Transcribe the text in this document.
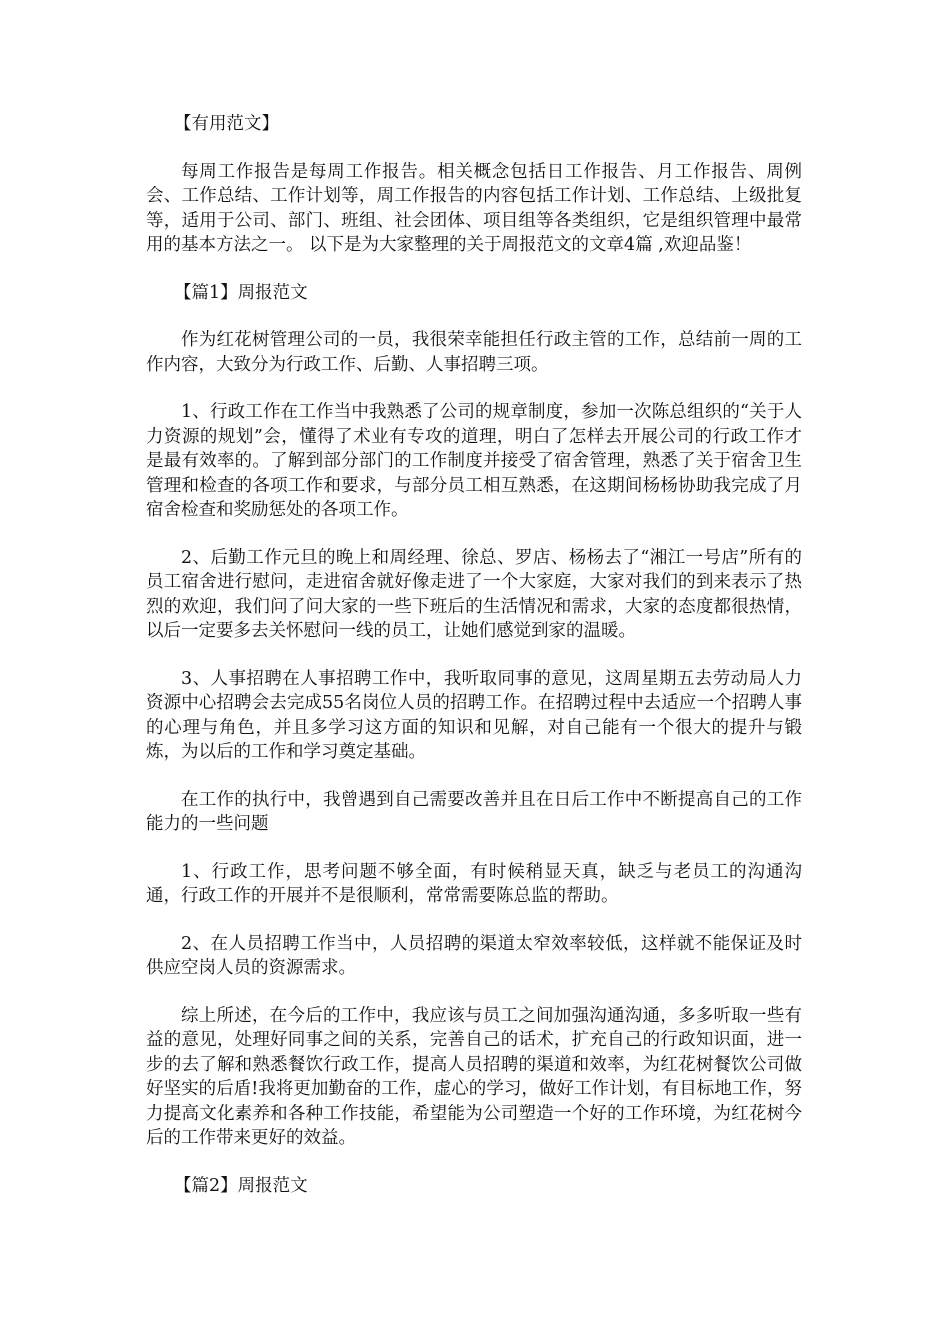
【有用范文】

每周工作报告是每周工作报告。相关概念包括日工作报告、月工作报告、周例会、工作总结、工作计划等，周工作报告的内容包括工作计划、工作总结、上级批复等，适用于公司、部门、班组、社会团体、项目组等各类组织，它是组织管理中最常用的基本方法之一。 以下是为大家整理的关于周报范文的文章4篇 ,欢迎品鉴！

【篇1】周报范文

作为红花树管理公司的一员，我很荣幸能担任行政主管的工作，总结前一周的工作内容，大致分为行政工作、后勤、人事招聘三项。

1、行政工作在工作当中我熟悉了公司的规章制度，参加一次陈总组织的“关于人力资源的规划”会，懂得了术业有专攻的道理，明白了怎样去开展公司的行政工作才是最有效率的。了解到部分部门的工作制度并接受了宿舍管理，熟悉了关于宿舍卫生管理和检查的各项工作和要求，与部分员工相互熟悉，在这期间杨杨协助我完成了月宿舍检查和奖励惩处的各项工作。

2、后勤工作元旦的晚上和周经理、徐总、罗店、杨杨去了“湘江一号店”所有的员工宿舍进行慰问，走进宿舍就好像走进了一个大家庭，大家对我们的到来表示了热烈的欢迎，我们问了问大家的一些下班后的生活情况和需求，大家的态度都很热情，以后一定要多去关怀慰问一线的员工，让她们感觉到家的温暖。

3、人事招聘在人事招聘工作中，我听取同事的意见，这周星期五去劳动局人力资源中心招聘会去完成55名岗位人员的招聘工作。在招聘过程中去适应一个招聘人事的心理与角色，并且多学习这方面的知识和见解，对自己能有一个很大的提升与锻炼，为以后的工作和学习奠定基础。

在工作的执行中，我曾遇到自己需要改善并且在日后工作中不断提高自己的工作能力的一些问题

1、行政工作，思考问题不够全面，有时候稍显天真，缺乏与老员工的沟通沟通，行政工作的开展并不是很顺利，常常需要陈总监的帮助。

2、在人员招聘工作当中，人员招聘的渠道太窄效率较低，这样就不能保证及时供应空岗人员的资源需求。

综上所述，在今后的工作中，我应该与员工之间加强沟通沟通，多多听取一些有益的意见，处理好同事之间的关系，完善自己的话术，扩充自己的行政知识面，进一步的去了解和熟悉餐饮行政工作，提高人员招聘的渠道和效率，为红花树餐饮公司做好坚实的后盾!我将更加勤奋的工作，虚心的学习，做好工作计划，有目标地工作，努力提高文化素养和各种工作技能，希望能为公司塑造一个好的工作环境，为红花树今后的工作带来更好的效益。

【篇2】周报范文
